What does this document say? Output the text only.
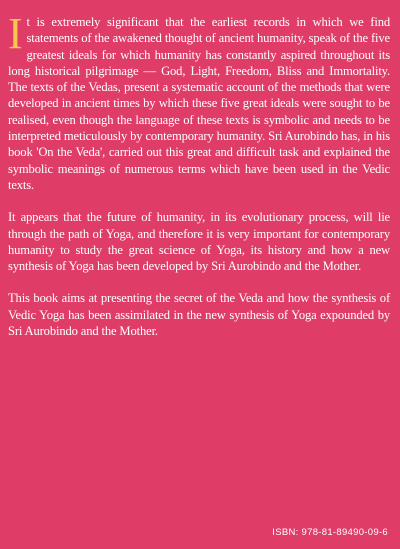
It is extremely significant that the earliest records in which we find statements of the awakened thought of ancient humanity, speak of the five greatest ideals for which humanity has constantly aspired throughout its long historical pilgrimage — God, Light, Freedom, Bliss and Immortality. The texts of the Vedas, present a systematic account of the methods that were developed in ancient times by which these five great ideals were sought to be realised, even though the language of these texts is symbolic and needs to be interpreted meticulously by contemporary humanity. Sri Aurobindo has, in his book 'On the Veda', carried out this great and difficult task and explained the symbolic meanings of numerous terms which have been used in the Vedic texts.

It appears that the future of humanity, in its evolutionary process, will lie through the path of Yoga, and therefore it is very important for contemporary humanity to study the great science of Yoga, its history and how a new synthesis of Yoga has been developed by Sri Aurobindo and the Mother.

This book aims at presenting the secret of the Veda and how the synthesis of Vedic Yoga has been assimilated in the new synthesis of Yoga expounded by Sri Aurobindo and the Mother.

ISBN: 978-81-89490-09-6
